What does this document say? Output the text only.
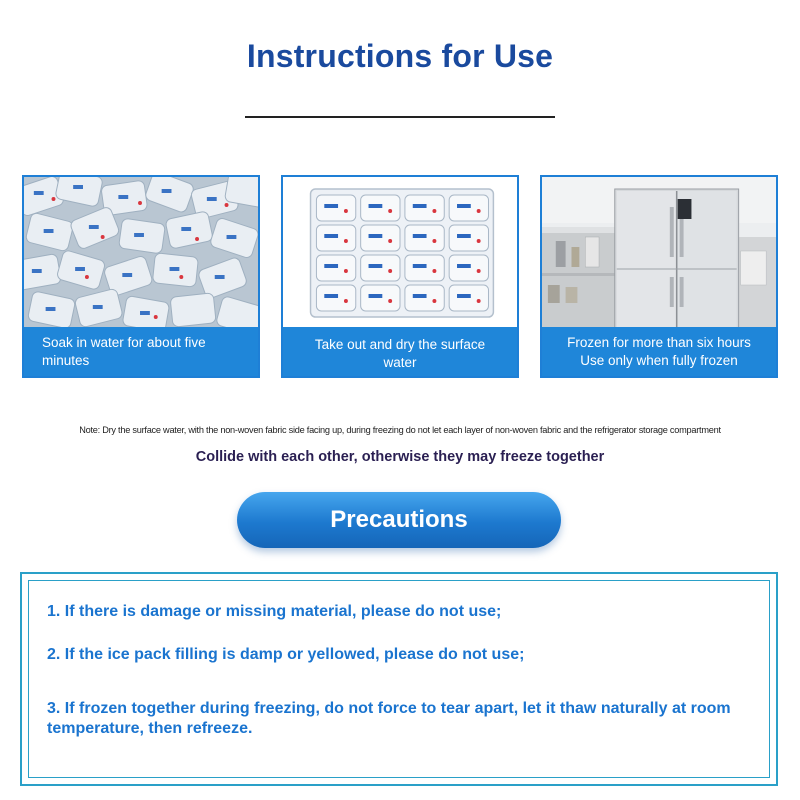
Instructions for Use
Soak in water for about five
minutes
Take out and dry the surface
water
Frozen for more than six hours
Use only when fully frozen
Note: Dry the surface water, with the non-woven fabric side facing up, during freezing do not let each layer of non-woven fabric and the refrigerator storage compartment
Collide with each other, otherwise they may freeze together
Precautions
1. If there is damage or missing material, please do not use;
2. If the ice pack filling is damp or yellowed, please do not use;
3. If frozen together during freezing, do not force to tear apart, let it thaw naturally at room temperature, then refreeze.
